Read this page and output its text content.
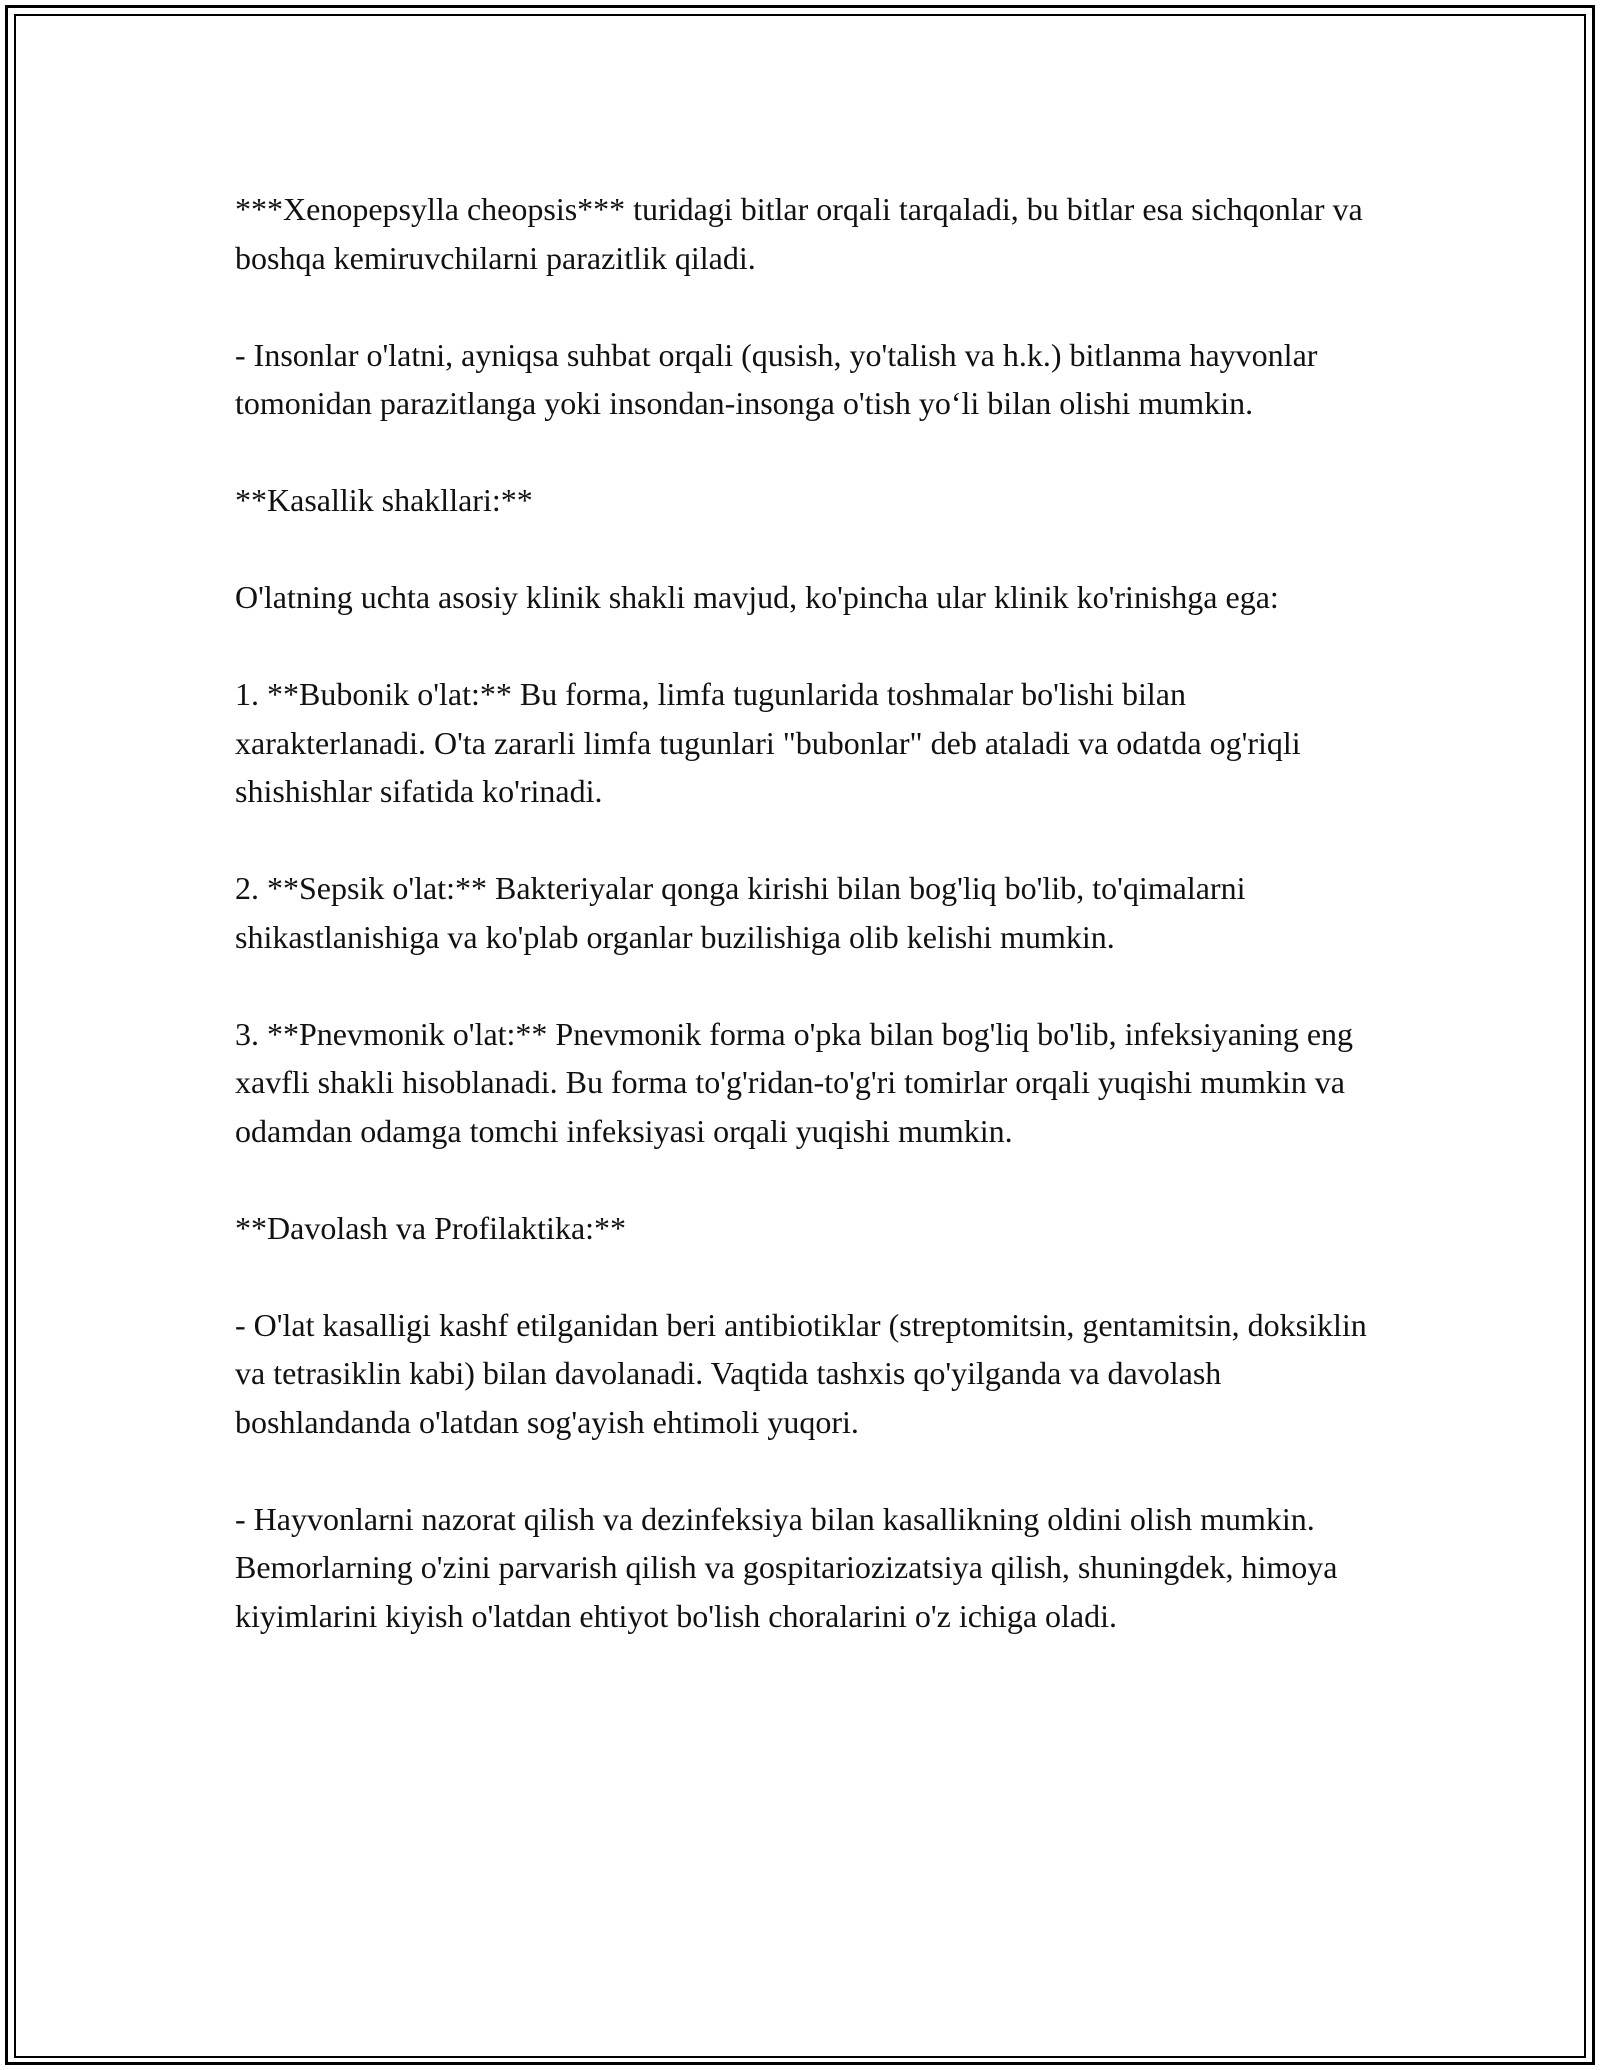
***Xenopepsylla cheopsis*** turidagi bitlar orqali tarqaladi, bu bitlar esa sichqonlar va boshqa kemiruvchilarni parazitlik qiladi.

- Insonlar o'latni, ayniqsa suhbat orqali (qusish, yo'talish va h.k.) bitlanma hayvonlar tomonidan parazitlanga yoki insondan-insonga o'tish yo‘li bilan olishi mumkin.

**Kasallik shakllari:**

O'latning uchta asosiy klinik shakli mavjud, ko'pincha ular klinik ko'rinishga ega:

1. **Bubonik o'lat:** Bu forma, limfa tugunlarida toshmalar bo'lishi bilan xarakterlanadi. O'ta zararli limfa tugunlari "bubonlar" deb ataladi va odatda og'riqli shishishlar sifatida ko'rinadi.

2. **Sepsik o'lat:** Bakteriyalar qonga kirishi bilan bog'liq bo'lib, to'qimalarni shikastlanishiga va ko'plab organlar buzilishiga olib kelishi mumkin.

3. **Pnevmonik o'lat:** Pnevmonik forma o'pka bilan bog'liq bo'lib, infeksiyaning eng xavfli shakli hisoblanadi. Bu forma to'g'ridan-to'g'ri tomirlar orqali yuqishi mumkin va odamdan odamga tomchi infeksiyasi orqali yuqishi mumkin.

**Davolash va Profilaktika:**

- O'lat kasalligi kashf etilganidan beri antibiotiklar (streptomitsin, gentamitsin, doksiklin va tetrasiklin kabi) bilan davolanadi. Vaqtida tashxis qo'yilganda va davolash boshlandanda o'latdan sog'ayish ehtimoli yuqori.

- Hayvonlarni nazorat qilish va dezinfeksiya bilan kasallikning oldini olish mumkin. Bemorlarning o'zini parvarish qilish va gospitariozizatsiya qilish, shuningdek, himoya kiyimlarini kiyish o'latdan ehtiyot bo'lish choralarini o'z ichiga oladi.
